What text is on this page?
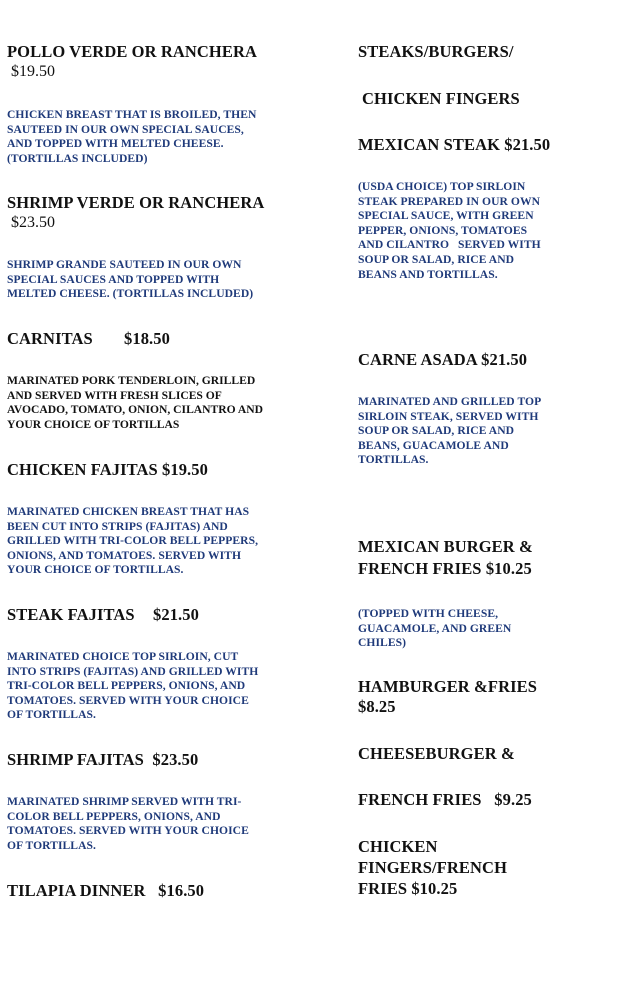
POLLO VERDE OR RANCHERA
$19.50
CHICKEN BREAST THAT IS BROILED, THEN
SAUTEED IN OUR OWN SPECIAL SAUCES,
AND TOPPED WITH MELTED CHEESE.
(TORTILLAS INCLUDED)
SHRIMP VERDE OR RANCHERA
$23.50
SHRIMP GRANDE SAUTEED IN OUR OWN
SPECIAL SAUCES AND TOPPED WITH
MELTED CHEESE. (TORTILLAS INCLUDED)
CARNITAS $18.50
MARINATED PORK TENDERLOIN, GRILLED
AND SERVED WITH FRESH SLICES OF
AVOCADO, TOMATO, ONION, CILANTRO AND
YOUR CHOICE OF TORTILLAS
CHICKEN FAJITAS $19.50
MARINATED CHICKEN BREAST THAT HAS
BEEN CUT INTO STRIPS (FAJITAS) AND
GRILLED WITH TRI-COLOR BELL PEPPERS,
ONIONS, AND TOMATOES. SERVED WITH
YOUR CHOICE OF TORTILLAS.
STEAK FAJITAS $21.50
MARINATED CHOICE TOP SIRLOIN, CUT
INTO STRIPS (FAJITAS) AND GRILLED WITH
TRI-COLOR BELL PEPPERS, ONIONS, AND
TOMATOES. SERVED WITH YOUR CHOICE
OF TORTILLAS.
SHRIMP FAJITAS  $23.50
MARINATED SHRIMP SERVED WITH TRI-
COLOR BELL PEPPERS, ONIONS, AND
TOMATOES. SERVED WITH YOUR CHOICE
OF TORTILLAS.
TILAPIA DINNER   $16.50
STEAKS/BURGERS/
CHICKEN FINGERS
MEXICAN STEAK $21.50
(USDA CHOICE) TOP SIRLOIN
STEAK PREPARED IN OUR OWN
SPECIAL SAUCE, WITH GREEN
PEPPER, ONIONS, TOMATOES
AND CILANTRO   SERVED WITH
SOUP OR SALAD, RICE AND
BEANS AND TORTILLAS.
CARNE ASADA $21.50
MARINATED AND GRILLED TOP
SIRLOIN STEAK, SERVED WITH
SOUP OR SALAD, RICE AND
BEANS, GUACAMOLE AND
TORTILLAS.
MEXICAN BURGER &
FRENCH FRIES $10.25
(TOPPED WITH CHEESE,
GUACAMOLE, AND GREEN
CHILES)
HAMBURGER &FRIES
$8.25
CHEESEBURGER &
FRENCH FRIES   $9.25
CHICKEN
FINGERS/FRENCH
FRIES $10.25
